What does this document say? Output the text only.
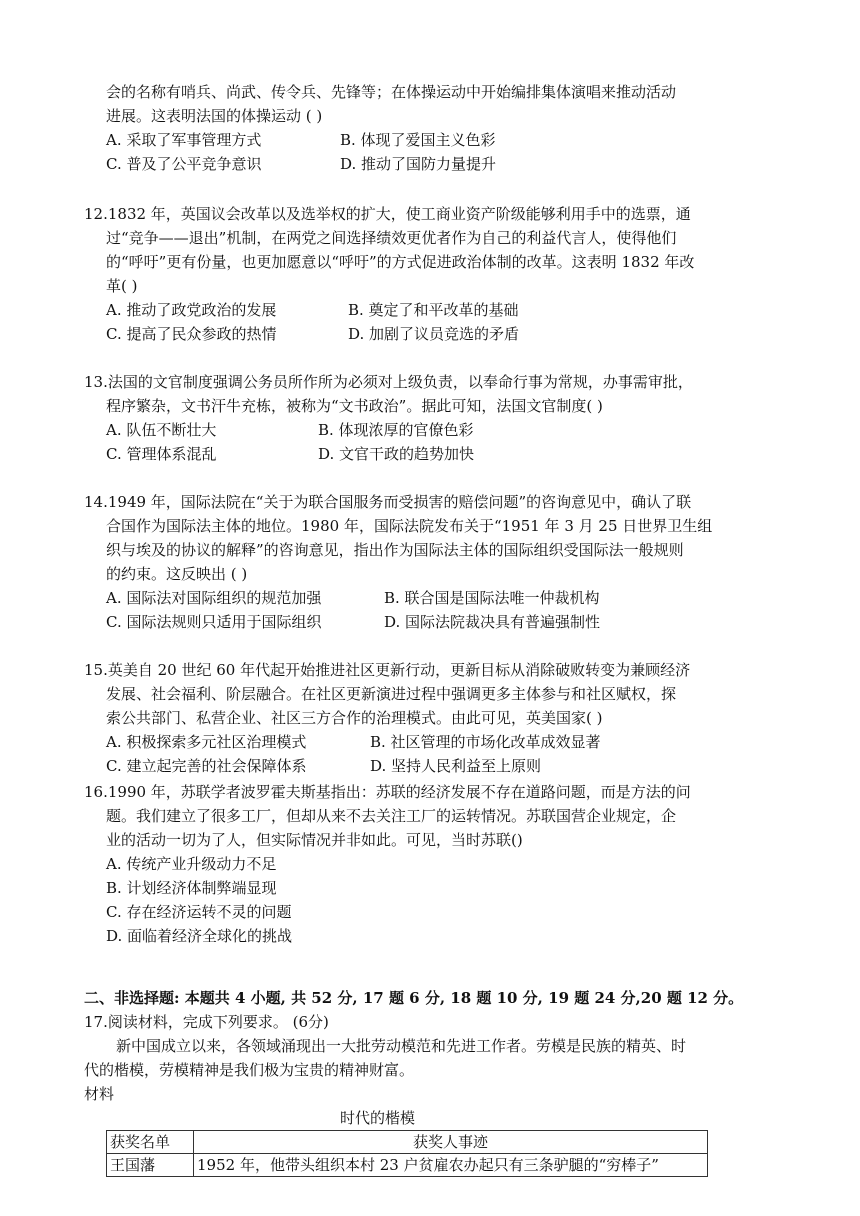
会的名称有哨兵、尚武、传令兵、先锋等；在体操运动中开始编排集体演唱来推动活动
进展。这表明法国的体操运动 ( )
A. 采取了军事管理方式	B. 体现了爱国主义色彩
C. 普及了公平竞争意识	D. 推动了国防力量提升
12.1832 年，英国议会改革以及选举权的扩大，使工商业资产阶级能够利用手中的选票，通
过“竞争——退出”机制，在两党之间选择绩效更优者作为自己的利益代言人，使得他们
的“呼吁”更有份量，也更加愿意以“呼吁”的方式促进政治体制的改革。这表明 1832 年改
革( )
A. 推动了政党政治的发展	B. 奠定了和平改革的基础
C. 提高了民众参政的热情	D. 加剧了议员竞选的矛盾
13.法国的文官制度强调公务员所作所为必须对上级负责，以奉命行事为常规，办事需审批，
程序繁杂，文书汗牛充栋，被称为“文书政治”。据此可知，法国文官制度( )
A. 队伍不断壮大	B. 体现浓厚的官僚色彩
C. 管理体系混乱	D. 文官干政的趋势加快
14.1949 年，国际法院在“关于为联合国服务而受损害的赔偿问题”的咨询意见中，确认了联
合国作为国际法主体的地位。1980 年，国际法院发布关于“1951 年 3 月 25 日世界卫生组
织与埃及的协议的解释”的咨询意见，指出作为国际法主体的国际组织受国际法一般规则
的约束。这反映出 ( )
A. 国际法对国际组织的规范加强	B. 联合国是国际法唯一仲裁机构
C. 国际法规则只适用于国际组织	D. 国际法院裁决具有普遍强制性
15.英美自 20 世纪 60 年代起开始推进社区更新行动，更新目标从消除破败转变为兼顾经济
发展、社会福利、阶层融合。在社区更新演进过程中强调更多主体参与和社区赋权，探
索公共部门、私营企业、社区三方合作的治理模式。由此可见，英美国家( )
A. 积极探索多元社区治理模式	B. 社区管理的市场化改革成效显著
C. 建立起完善的社会保障体系	D. 坚持人民利益至上原则
16.1990 年，苏联学者波罗霍夫斯基指出：苏联的经济发展不存在道路问题，而是方法的问
题。我们建立了很多工厂，但却从来不去关注工厂的运转情况。苏联国营企业规定，企
业的活动一切为了人，但实际情况并非如此。可见，当时苏联()
A. 传统产业升级动力不足
B. 计划经济体制弊端显现
C. 存在经济运转不灵的问题
D. 面临着经济全球化的挑战
二、非选择题: 本题共 4 小题, 共 52 分, 17 题 6 分, 18 题 10 分, 19 题 24 分,20 题 12 分。
17.阅读材料，完成下列要求。 (6分)
新中国成立以来，各领域涌现出一大批劳动模范和先进工作者。劳模是民族的精英、时
代的楷模，劳模精神是我们极为宝贵的精神财富。
材料
时代的楷模
获奖名单	获奖人事迹
王国藩	1952 年，他带头组织本村 23 户贫雇农办起只有三条驴腿的“穷棒子”
